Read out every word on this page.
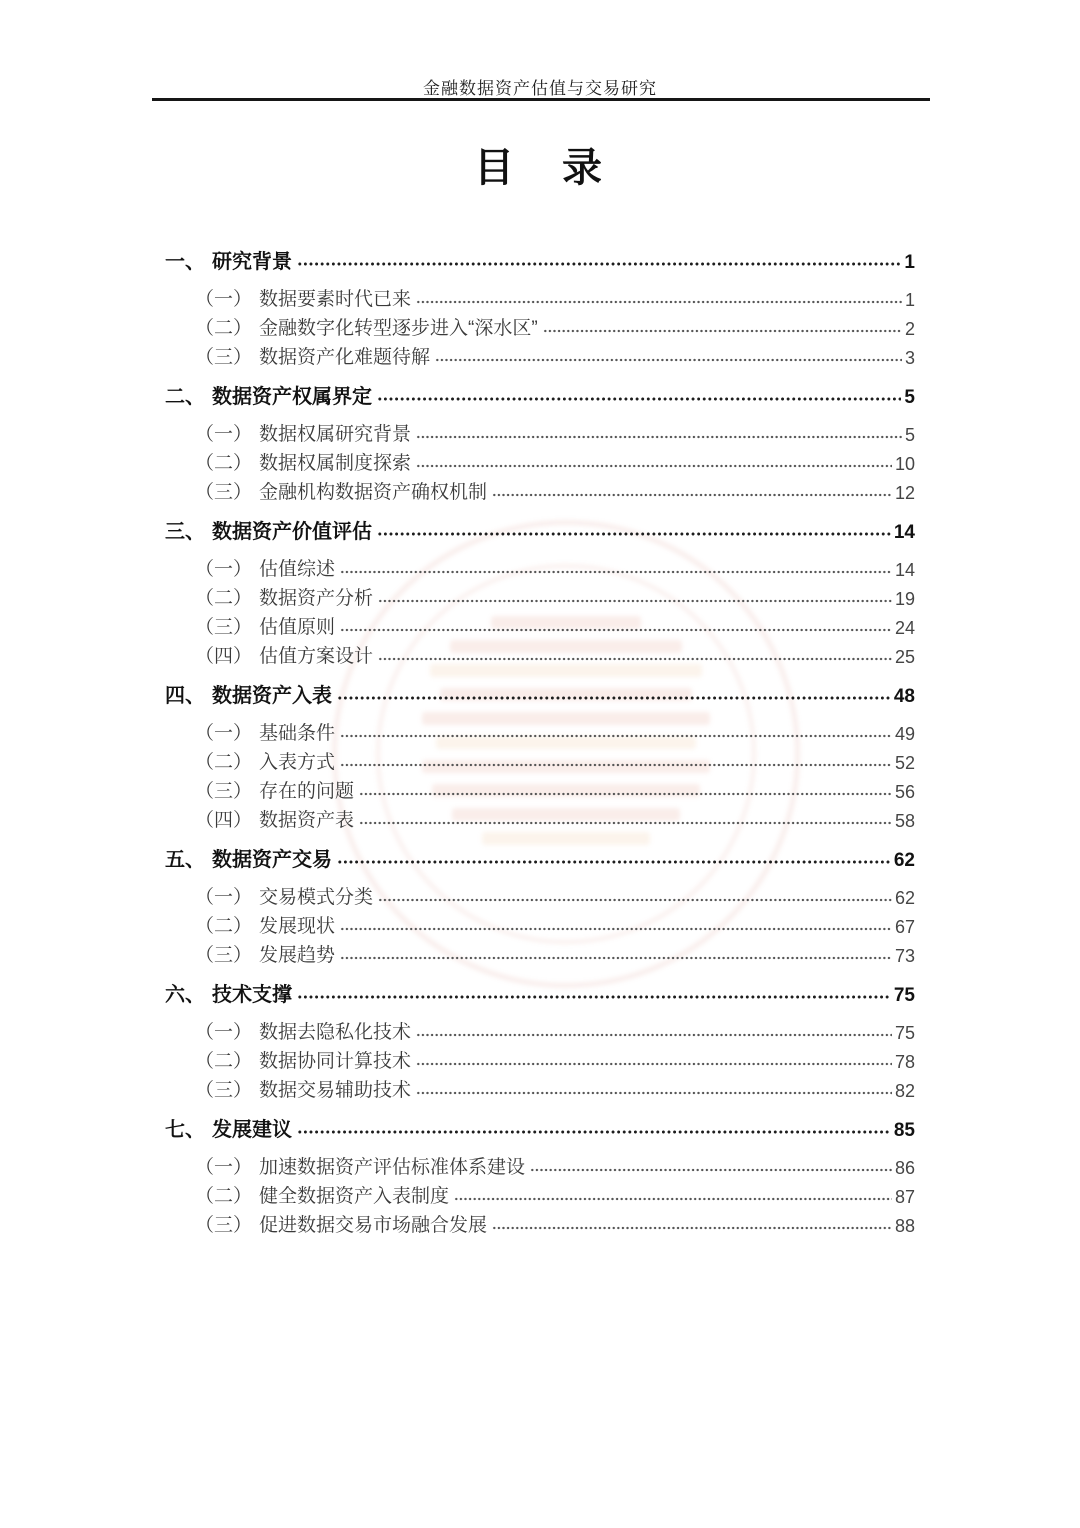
金融数据资产估值与交易研究
目　录
一、 研究背景	1
（一） 数据要素时代已来	1
（二） 金融数字化转型逐步进入“深水区”	2
（三） 数据资产化难题待解	3
二、 数据资产权属界定	5
（一） 数据权属研究背景	5
（二） 数据权属制度探索	10
（三） 金融机构数据资产确权机制	12
三、 数据资产价值评估	14
（一） 估值综述	14
（二） 数据资产分析	19
（三） 估值原则	24
（四） 估值方案设计	25
四、 数据资产入表	48
（一） 基础条件	49
（二） 入表方式	52
（三） 存在的问题	56
（四） 数据资产表	58
五、 数据资产交易	62
（一） 交易模式分类	62
（二） 发展现状	67
（三） 发展趋势	73
六、 技术支撑	75
（一） 数据去隐私化技术	75
（二） 数据协同计算技术	78
（三） 数据交易辅助技术	82
七、 发展建议	85
（一） 加速数据资产评估标准体系建设	86
（二） 健全数据资产入表制度	87
（三） 促进数据交易市场融合发展	88
